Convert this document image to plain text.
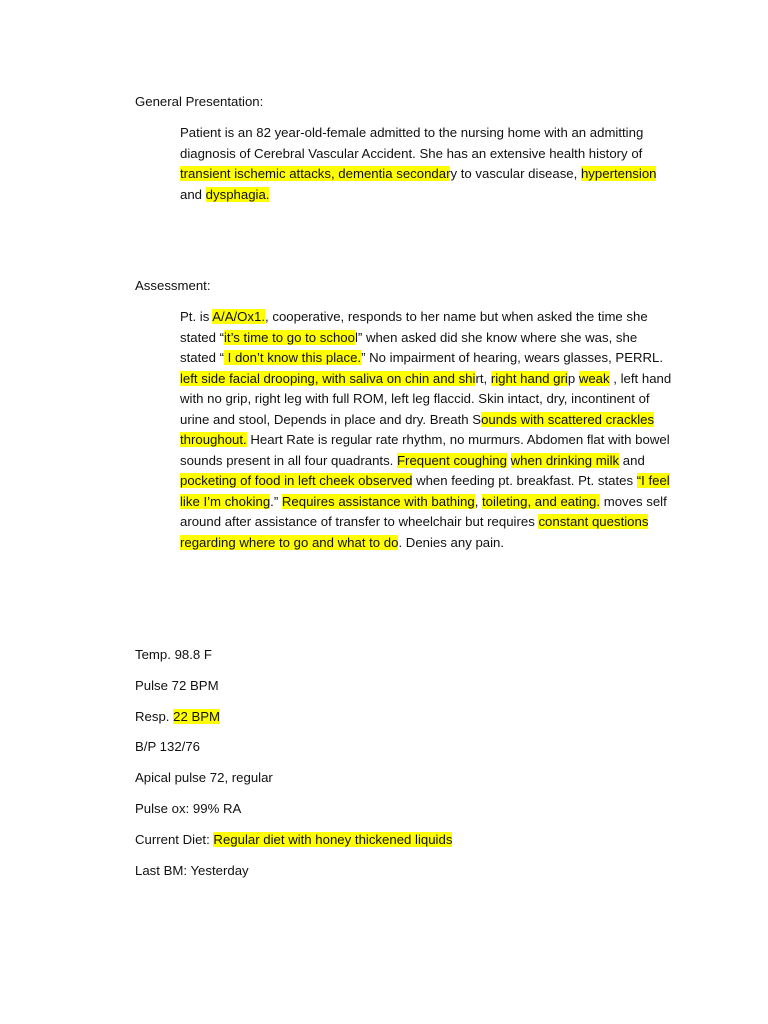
General Presentation:

Patient is an 82 year-old-female admitted to the nursing home with an admitting diagnosis of Cerebral Vascular Accident. She has an extensive health history of transient ischemic attacks, dementia secondary to vascular disease, hypertension and dysphagia.

Assessment:

Pt. is A/A/Ox1., cooperative, responds to her name but when asked the time she stated “it’s time to go to school” when asked did she know where she was, she stated “ I don’t know this place.” No impairment of hearing, wears glasses, PERRL. left side facial drooping, with saliva on chin and shirt, right hand grip weak , left hand with no grip, right leg with full ROM, left leg flaccid. Skin intact, dry, incontinent of urine and stool, Depends in place and dry. Breath Sounds with scattered crackles throughout. Heart Rate is regular rate rhythm, no murmurs. Abdomen flat with bowel sounds present in all four quadrants. Frequent coughing when drinking milk and pocketing of food in left cheek observed when feeding pt. breakfast. Pt. states “I feel like I’m choking.” Requires assistance with bathing, toileting, and eating. moves self around after assistance of transfer to wheelchair but requires constant questions regarding where to go and what to do. Denies any pain.

Temp. 98.8 F
Pulse 72 BPM
Resp. 22 BPM
B/P 132/76
Apical pulse 72, regular
Pulse ox: 99% RA
Current Diet: Regular diet with honey thickened liquids
Last BM: Yesterday
